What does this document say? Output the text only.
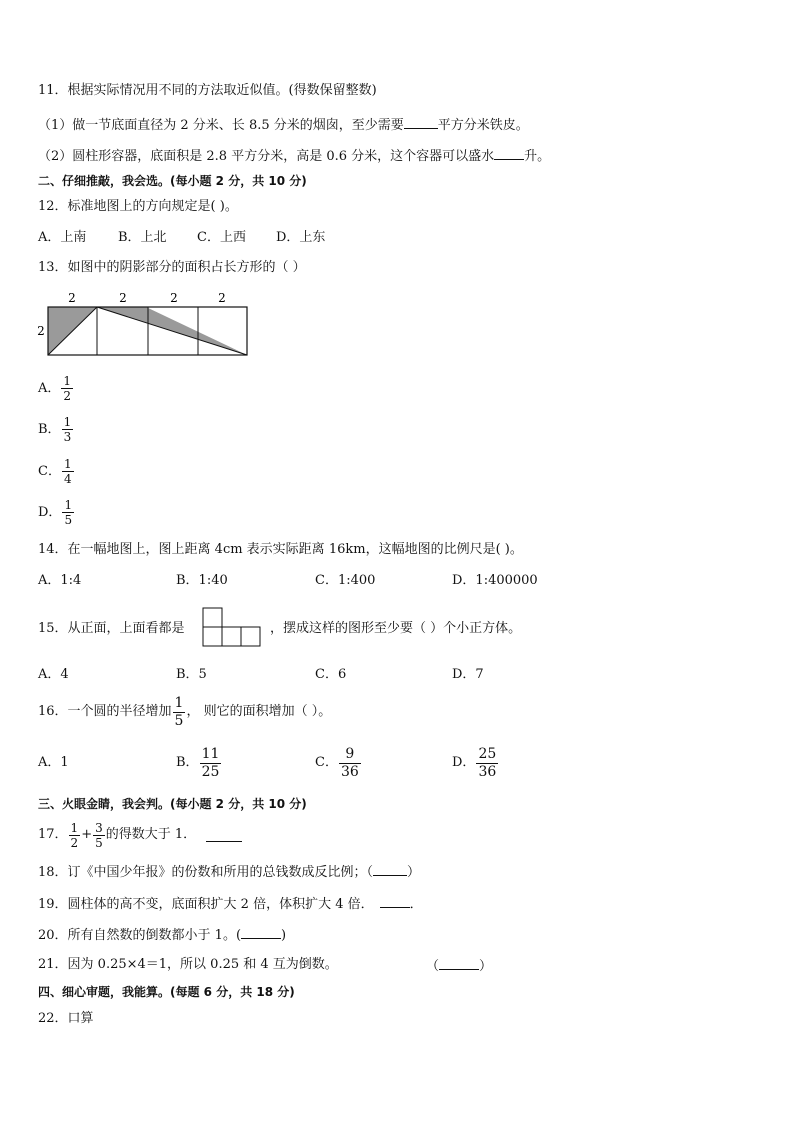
11．根据实际情况用不同的方法取近似值。(得数保留整数)
（1）做一节底面直径为 2 分米、长 8.5 分米的烟囱，至少需要	平方分米铁皮。
（2）圆柱形容器，底面积是 2.8 平方分米，高是 0.6 分米，这个容器可以盛水 升。
二、仔细推敲，我会选。(每小题 2 分，共 10 分)
12．标准地图上的方向规定是( )。
A．上南 B．上北 C．上西 D．上东
13．如图中的阴影部分的面积占长方形的（ ）
2	2	2	2
2
A． $\frac{1}{2}$
B． $\frac{1}{3}$
C． $\frac{1}{4}$
D． $\frac{1}{5}$
14．在一幅地图上，图上距离 4cm 表示实际距离 16km，这幅地图的比例尺是( )。
A．1:4	B．1:40	C．1:400	D．1:400000
15．从正面，上面看都是	，摆成这样的图形至少要（ ）个小正方体。
A．4	B．5	C．6	D．7
16．一个圆的半径增加 $\frac{1}{5}$ ， 则它的面积增加（ ）。
A．1	B． $\frac{11}{25}$	C． $\frac{9}{36}$	D． $\frac{25}{36}$
三、火眼金睛，我会判。(每小题 2 分，共 10 分)
17． $\frac{1}{2} + \frac{3}{5}$ 的得数大于 1．
18．订《中国少年报》的份数和所用的总钱数成反比例；（	）
19．圆柱体的高不变，底面积扩大 2 倍，体积扩大 4 倍．	．
20．所有自然数的倒数都小于 1。(	)
21．因为 0.25×4＝1，所以 0.25 和 4 互为倒数。	（	）
四、细心审题，我能算。(每题 6 分，共 18 分)
22．口算
